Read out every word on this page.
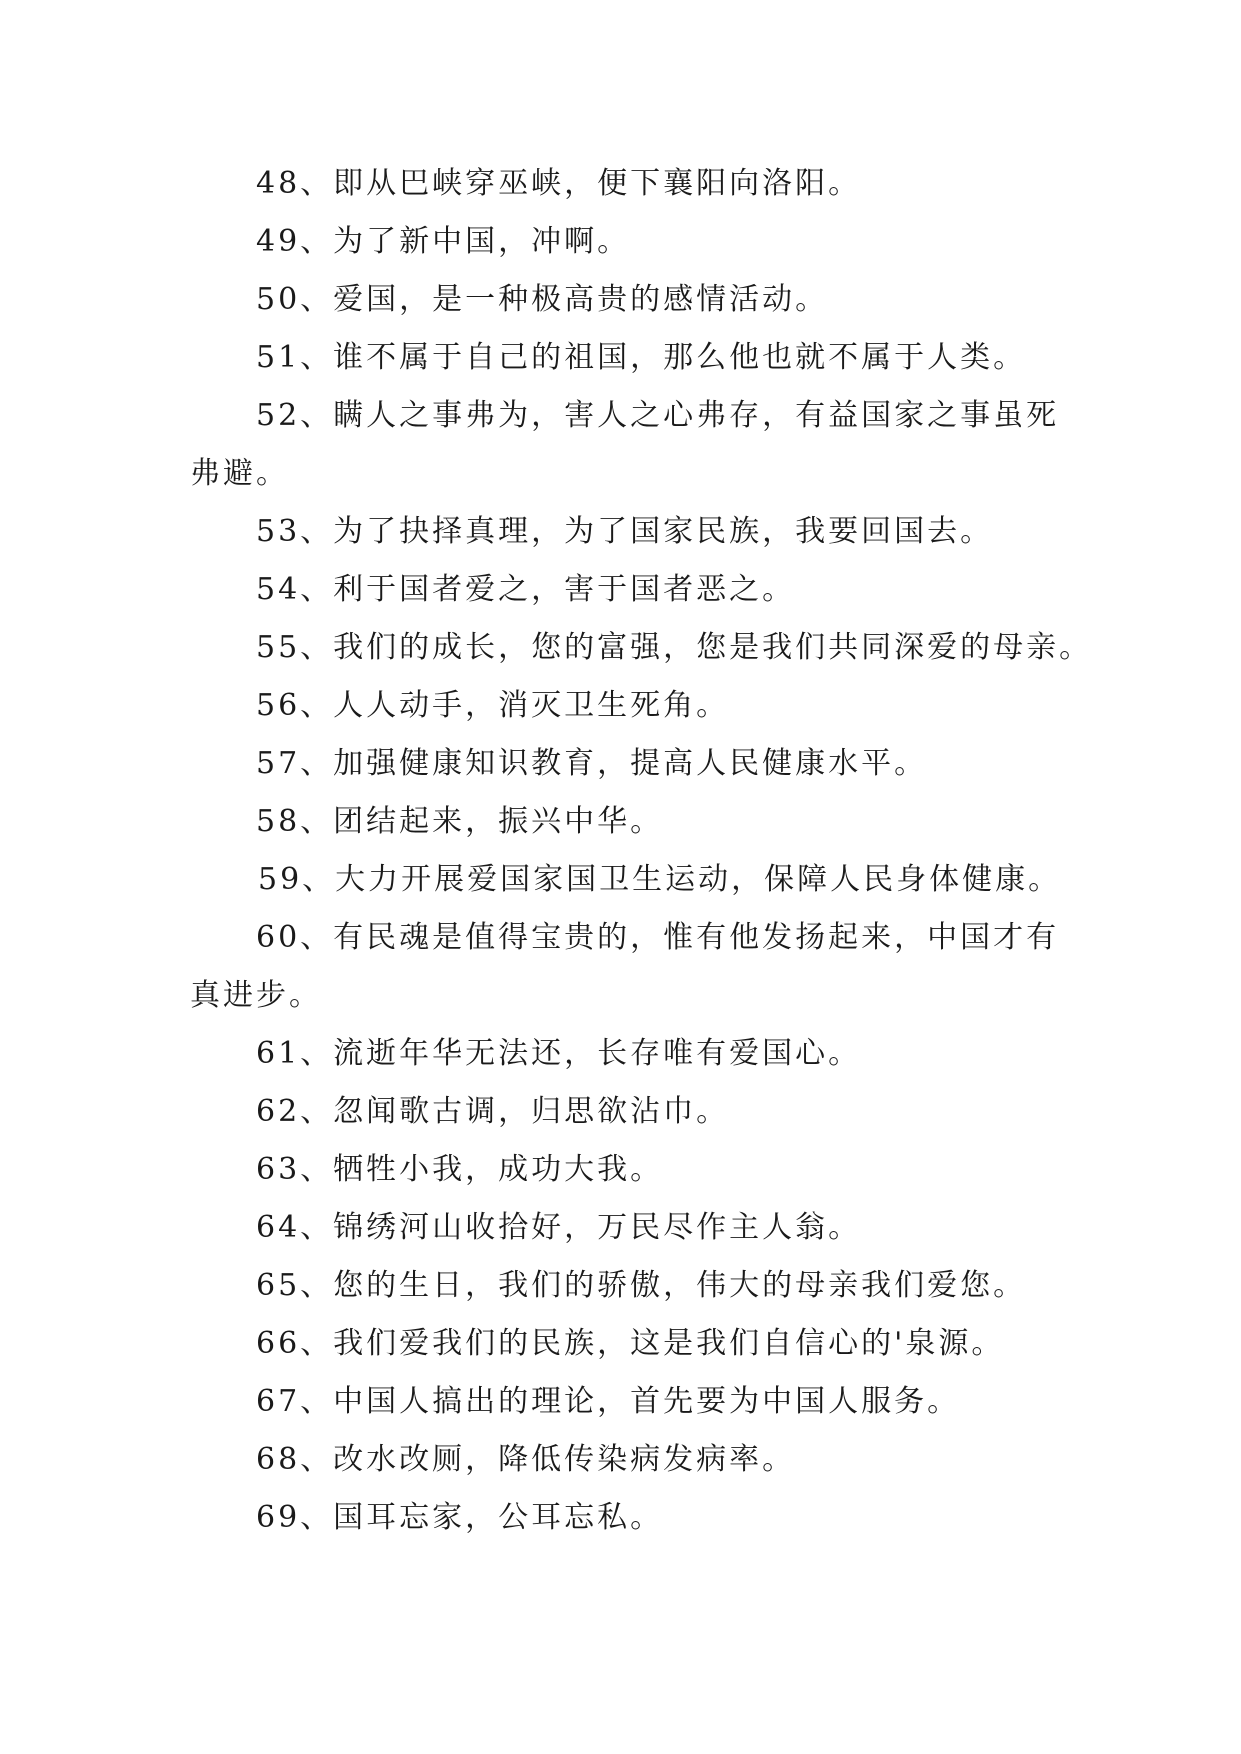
48、即从巴峡穿巫峡，便下襄阳向洛阳。
49、为了新中国，冲啊。
50、爱国，是一种极高贵的感情活动。
51、谁不属于自己的祖国，那么他也就不属于人类。
52、瞒人之事弗为，害人之心弗存，有益国家之事虽死
弗避。
53、为了抉择真理，为了国家民族，我要回国去。
54、利于国者爱之，害于国者恶之。
55、我们的成长，您的富强，您是我们共同深爱的母亲。
56、人人动手，消灭卫生死角。
57、加强健康知识教育，提高人民健康水平。
58、团结起来，振兴中华。
59、大力开展爱国家国卫生运动，保障人民身体健康。
60、有民魂是值得宝贵的，惟有他发扬起来，中国才有
真进步。
61、流逝年华无法还，长存唯有爱国心。
62、忽闻歌古调，归思欲沾巾。
63、牺牲小我，成功大我。
64、锦绣河山收拾好，万民尽作主人翁。
65、您的生日，我们的骄傲，伟大的母亲我们爱您。
66、我们爱我们的民族，这是我们自信心的'泉源。
67、中国人搞出的理论，首先要为中国人服务。
68、改水改厕，降低传染病发病率。
69、国耳忘家，公耳忘私。
